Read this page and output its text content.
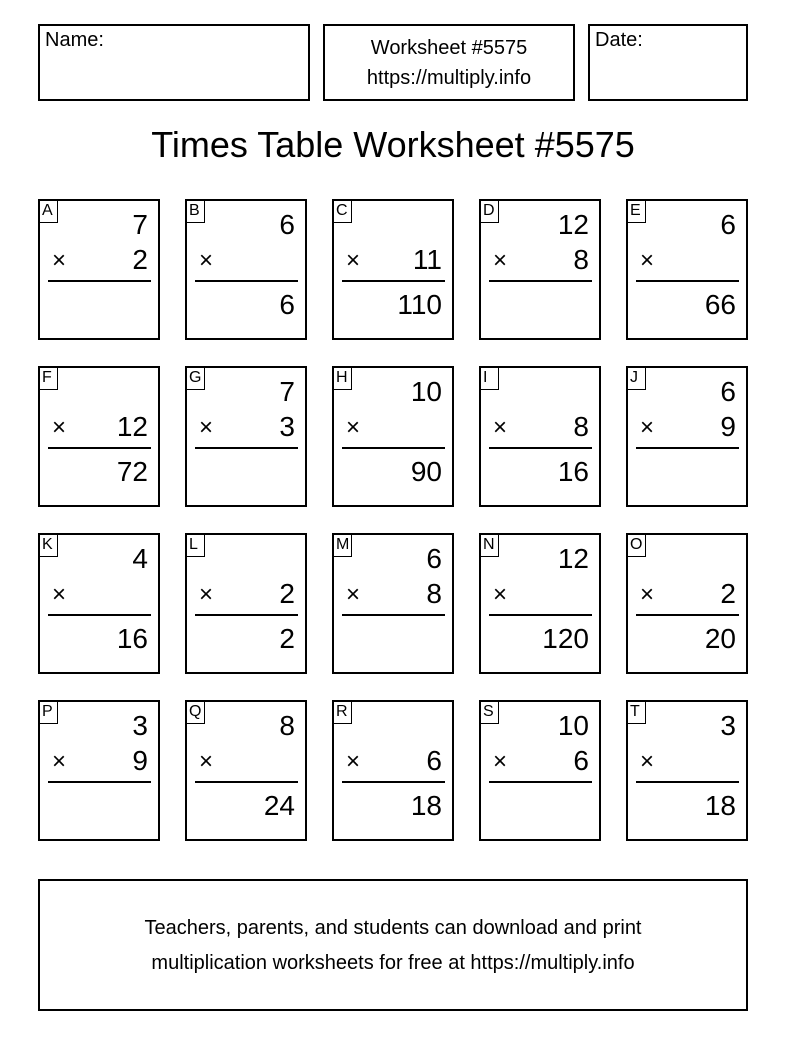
Name:	Worksheet #5575
https://multiply.info
Date:
Times Table Worksheet #5575
A	7
× 2
B	6
×
6
C
× 11
110
D 12
× 8
E	6
×
66
F
× 12
72
G	7
× 3
H 10
×
90
I
× 8
16
J	6
× 9
K	4
×
16
L
× 2
2
M	6
× 8
N 12
×
120
O
× 2
20
P	3
× 9
Q	8
×
24
R
× 6
18
S 10
× 6
T	3
×
18
Teachers, parents, and students can download and print
multiplication worksheets for free at https://multiply.info
